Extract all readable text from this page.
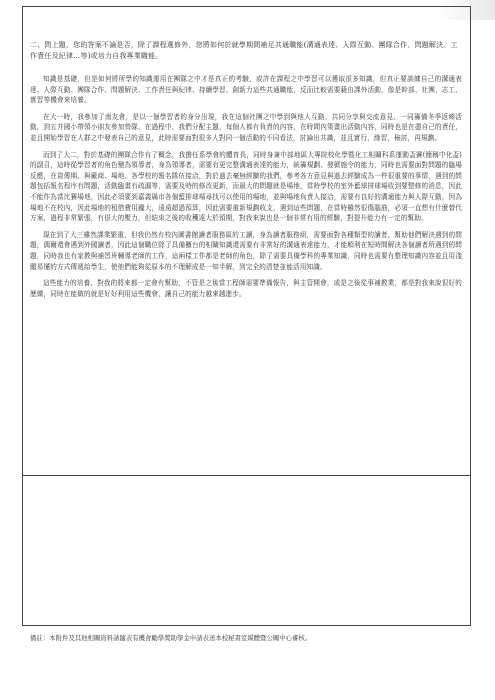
二、問上題，您的答案不論是否，除了課程選修外，您將如何於就學期間補足共通職能(溝通表達、人際互動、團隊合作、問題解決、工作責任及紀律…等)或培力自我專業職能。

知識是基礎，但是如何將所學的知識運用在團隊之中才是真正的考驗，或許在課程之中學習可以獲取很多知識，但真正要訓練自己的溝通表達、人際互動、團隊合作、問題解決、工作責任與紀律、持續學習、創新力這些共通職能，反而比較需要藉由課外活動，像是幹部、社團、志工、實習等機會來培養。

在大一時，我參加了南友會，是以一個學習者的身分出現，我在這個社團之中學到與他人互動、共同分享與交流意見、一同籌備冬季返鄉活動，到五井國小帶領小朋友參加營隊，在過程中，我們分配主題，每個人都有負責的內容，在時間內策畫出活動內容，同時也是在盡自己的責任，並且開始學習在人群之中發表自己的意見，此時需要面對很多人對同一個活動的不同看法，討論出共識，並且實行，緣習，檢討，再規劃。

而到了大二，對於基礎的團隊合作有了概念，我擔任系學會的體育長，同時身兼中部地區大專院校化學暨化工相關科系運動盃賽(簡稱中化盃)的副召，這時從學習者的角色變為領導者，身為領導者，需要有更完整溝通表達的能力，統籌規劃、發號施令的能力，同時也需要面對問題的臨場反應，在資傳期、與廠商、場地、各學校的報名隊伍接洽，對於過去毫無經驗的我們，參考各方意見與過去經驗成為一件很重要的事情，遇到的問題包括報名程序有問題，活動臨畫有疏漏等，需要及時的修改更新，而最大的問題就是場地，當時學校的室外籃球排球場收到要整修的消息，因此不能作為當比賽場地，因此必須要到嘉義縣市各個籃排球場尋找可以使用的場地，並與場地負責人接洽，需要有良好的溝通能力與人際互動，因為場地不在校內，因此場地的租借費用龐大，遠遠超過預算，因此需要重新規劃收支，遇到這些問題，在當時雖然很傷腦筋，必須一直想有什麼替代方案，過程非常緊張，有很大的壓力，但結束之後的收穫遠大於預期，對我來說也是一個非常有用的經驗，對提升能力有一定的幫助。

現在到了大三雖然課業繁重，但我仍然有校內圖書館讀者服務區的工讀，身為讀者服務組，需要面對各種類型的讀者，幫助他們解決遇到的問題，偶爾還會遇到外國讀者，因此這個職位除了具備櫃台的相關知識還需要有非常好的溝通表達能力，才能順利在短時間解決各個讀者所遇到的問題，同時我也有家教與補習班輔導老師的工作，這兩樣工作都是老師的角色，除了需要具備學科的專業知識，同時也需要有整理知識內容並且用淺顯易懂的方式傳遞給學生，使他們能夠從原本的不理解成是一知半解，到完全的清楚並能活用知識。

這些能力的培養，對我的將來都一定會有幫助，不管是之後當工程師需要準備報告，與主管開會，或是之後從事補教業，都是對我來說很好的歷練，同時在能做的就是好好利用這些機會，讓自己的能力越來越進步。

備註：本附件及其他相關資料請隨表有機會勵學獎助學金申請表送本校秘書室媒體暨公關中心審核。
